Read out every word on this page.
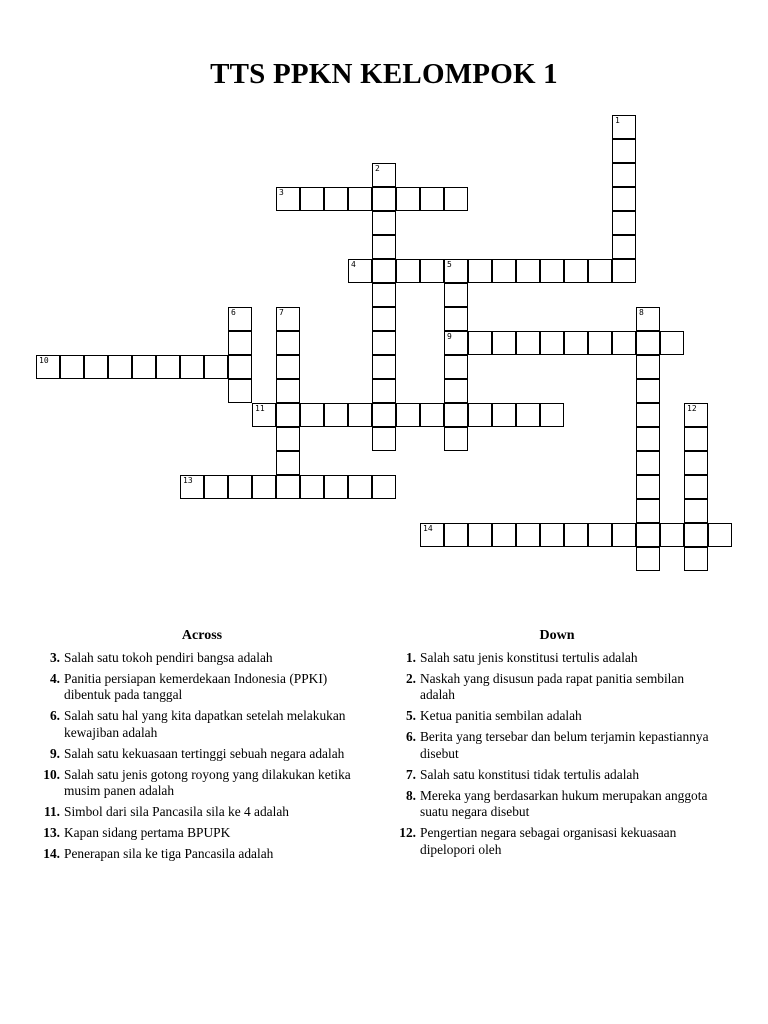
TTS PPKN KELOMPOK 1
1
2
3
4	5
9
6	7	8
10
11	12
13
14
Across
3. Salah satu tokoh pendiri bangsa adalah
4. Panitia persiapan kemerdekaan Indonesia (PPKI) dibentuk pada tanggal
6. Salah satu hal yang kita dapatkan setelah melakukan kewajiban adalah
9. Salah satu kekuasaan tertinggi sebuah negara adalah
10. Salah satu jenis gotong royong yang dilakukan ketika musim panen adalah
11. Simbol dari sila Pancasila sila ke 4 adalah
13. Kapan sidang pertama BPUPK
14. Penerapan sila ke tiga Pancasila adalah
Down
1. Salah satu jenis konstitusi tertulis adalah
2. Naskah yang disusun pada rapat panitia sembilan adalah
5. Ketua panitia sembilan adalah
6. Berita yang tersebar dan belum terjamin kepastiannya disebut
7. Salah satu konstitusi tidak tertulis adalah
8. Mereka yang berdasarkan hukum merupakan anggota suatu negara disebut
12. Pengertian negara sebagai organisasi kekuasaan dipelopori oleh
